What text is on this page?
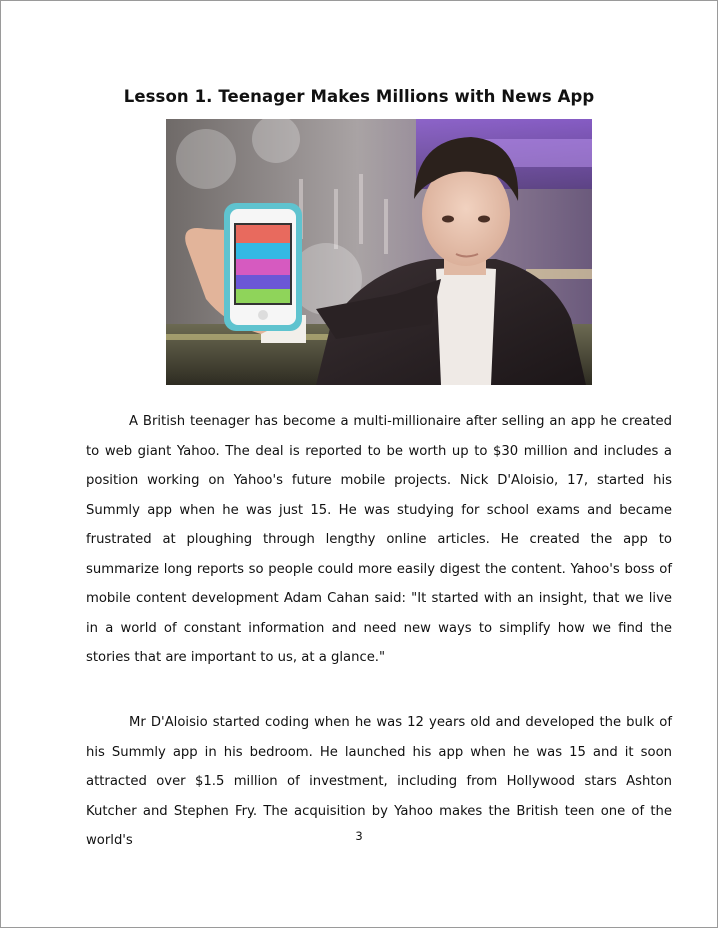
Lesson 1. Teenager Makes Millions with News App

A British teenager has become a multi-millionaire after selling an app he created to web giant Yahoo. The deal is reported to be worth up to $30 million and includes a position working on Yahoo's future mobile projects. Nick D'Aloisio, 17, started his Summly app when he was just 15. He was studying for school exams and became frustrated at ploughing through lengthy online articles. He created the app to summarize long reports so people could more easily digest the content. Yahoo's boss of mobile content development Adam Cahan said: "It started with an insight, that we live in a world of constant information and need new ways to simplify how we find the stories that are important to us, at a glance."

Mr D'Aloisio started coding when he was 12 years old and developed the bulk of his Summly app in his bedroom. He launched his app when he was 15 and it soon attracted over $1.5 million of investment, including from Hollywood stars Ashton Kutcher and Stephen Fry. The acquisition by Yahoo makes the British teen one of the world's	3
